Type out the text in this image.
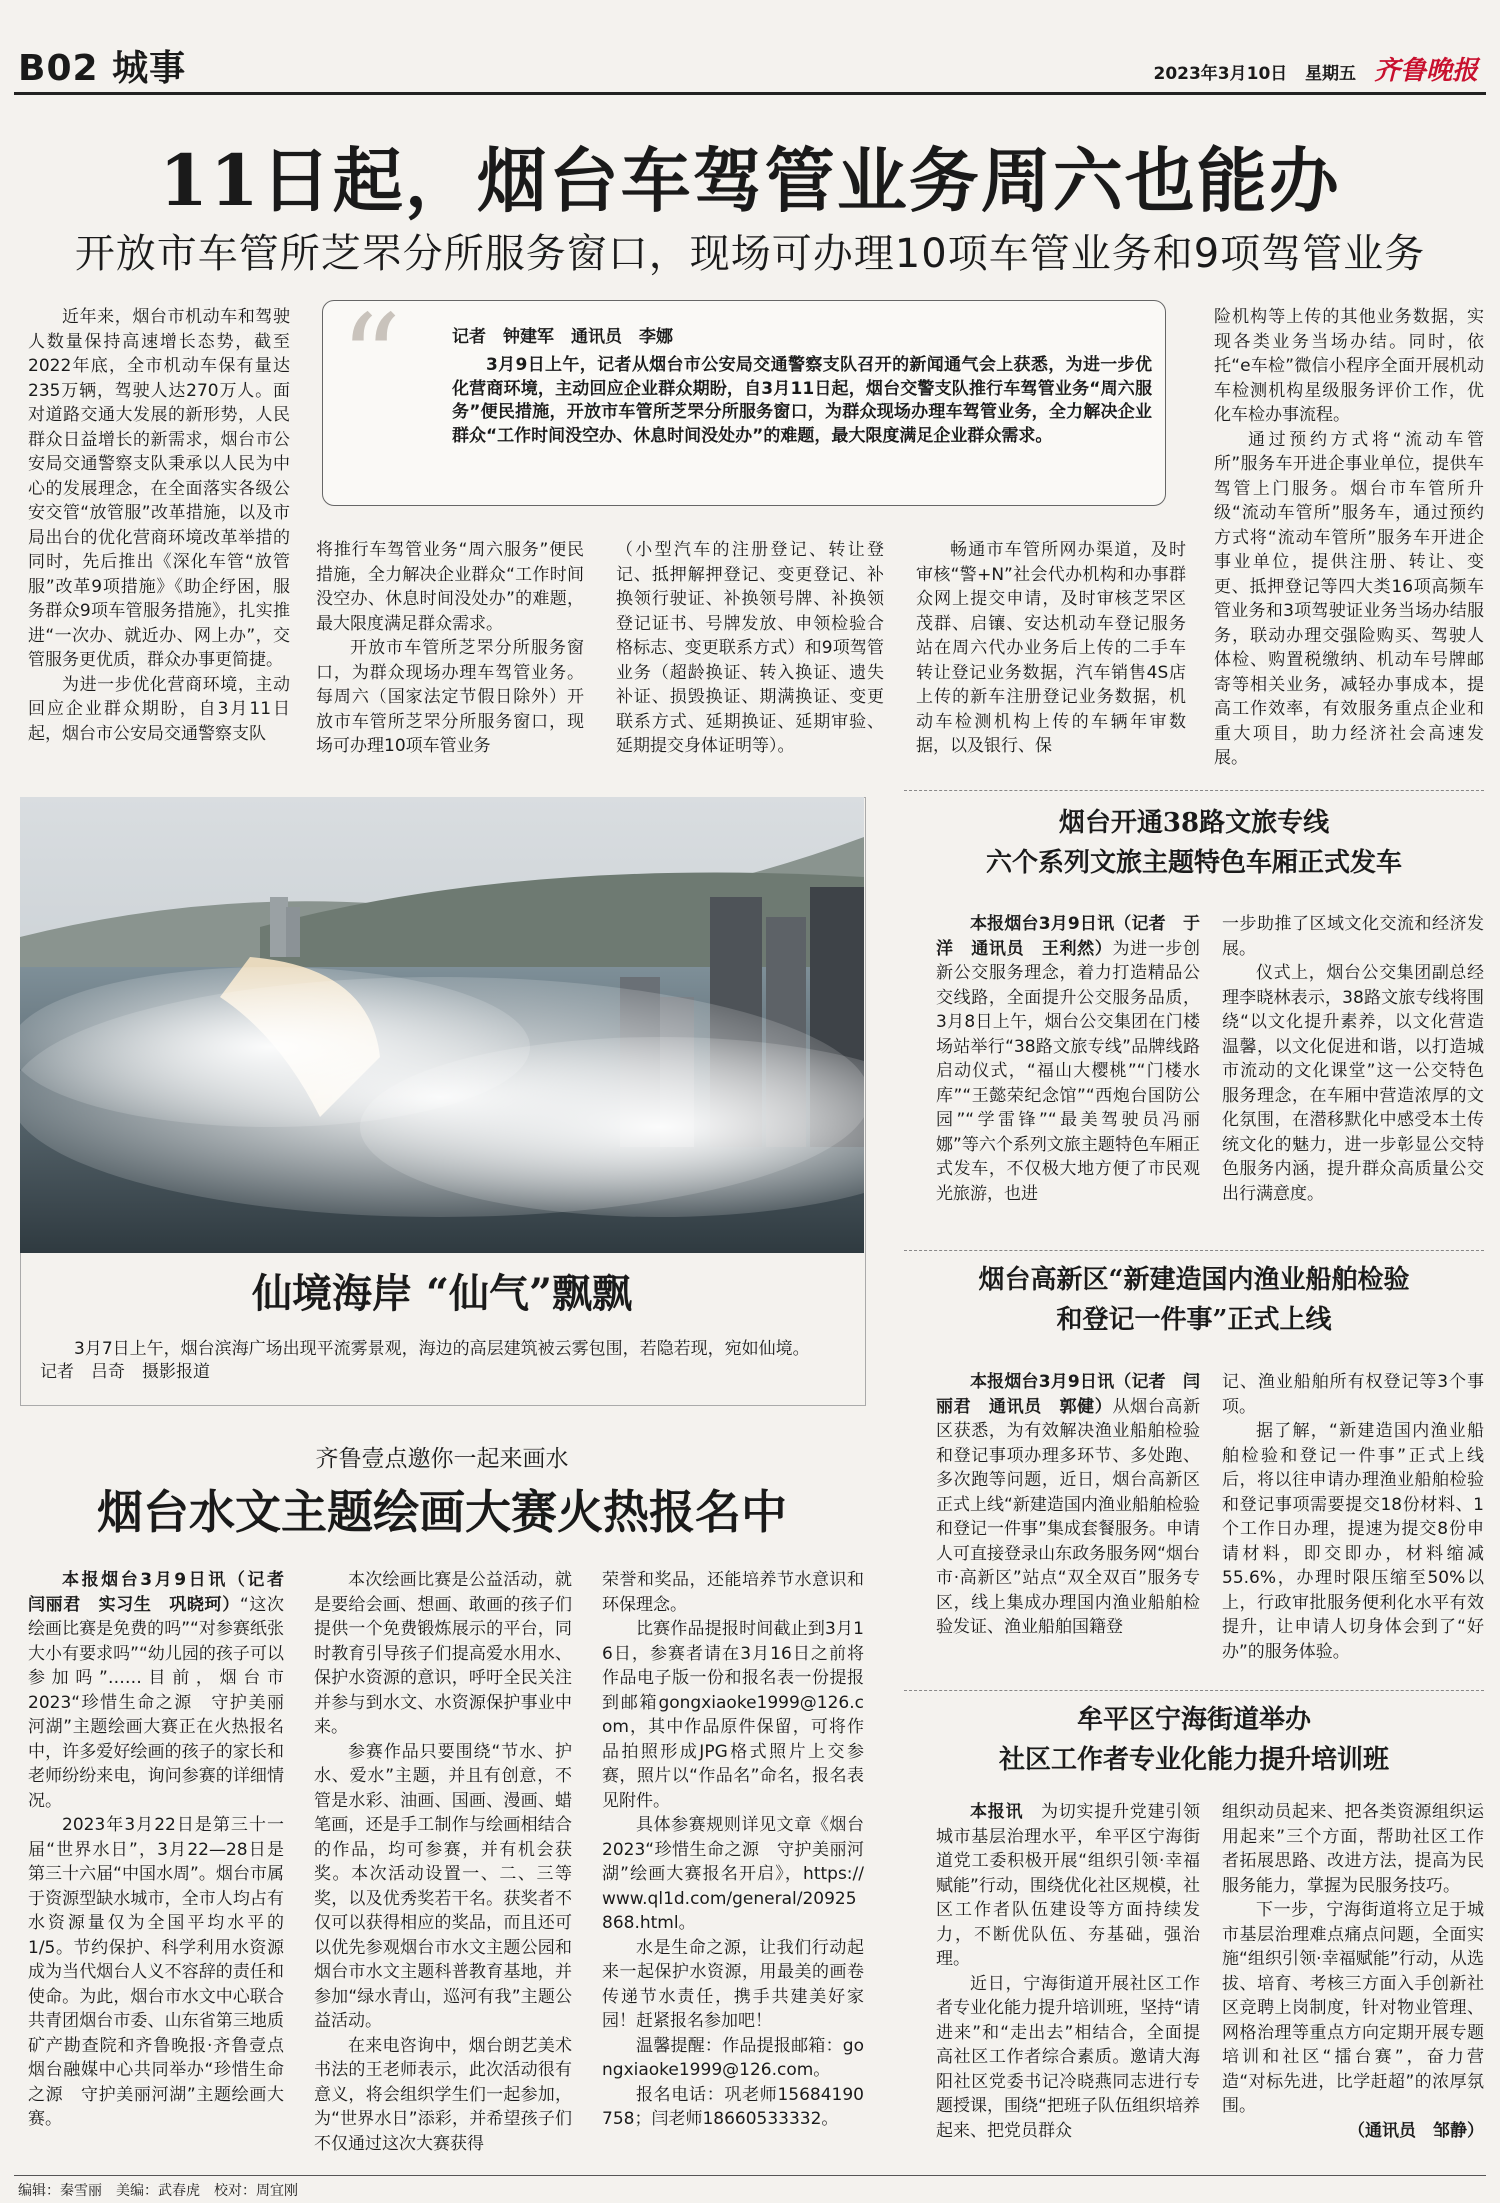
B02 城事	2023年3月10日 星期五 齐鲁晚报
11日起，烟台车驾管业务周六也能办
开放市车管所芝罘分所服务窗口，现场可办理10项车管业务和9项驾管业务

近年来，烟台市机动车和驾驶人数量保持高速增长态势，截至2022年底，全市机动车保有量达235万辆，驾驶人达270万人。面对道路交通大发展的新形势，人民群众日益增长的新需求，烟台市公安局交通警察支队秉承以人民为中心的发展理念，在全面落实各级公安交管“放管服”改革措施，以及市局出台的优化营商环境改革举措的同时，先后推出《深化车管“放管服”改革9项措施》《助企纾困，服务群众9项车管服务措施》，扎实推进“一次办、就近办、网上办”，交管服务更优质，群众办事更简捷。

为进一步优化营商环境，主动回应企业群众期盼，自3月11日起，烟台市公安局交通警察支队

“	记者　钟建军　通讯员　李娜

3月9日上午，记者从烟台市公安局交通警察支队召开的新闻通气会上获悉，为进一步优化营商环境，主动回应企业群众期盼，自3月11日起，烟台交警支队推行车驾管业务“周六服务”便民措施，开放市车管所芝罘分所服务窗口，为群众现场办理车驾管业务，全力解决企业群众“工作时间没空办、休息时间没处办”的难题，最大限度满足企业群众需求。

将推行车驾管业务“周六服务”便民措施，全力解决企业群众“工作时间没空办、休息时间没处办”的难题，最大限度满足群众需求。

开放市车管所芝罘分所服务窗口，为群众现场办理车驾管业务。每周六（国家法定节假日除外）开放市车管所芝罘分所服务窗口，现场可办理10项车管业务

（小型汽车的注册登记、转让登记、抵押解押登记、变更登记、补换领行驶证、补换领号牌、补换领登记证书、号牌发放、申领检验合格标志、变更联系方式）和9项驾管业务（超龄换证、转入换证、遗失补证、损毁换证、期满换证、变更联系方式、延期换证、延期审验、延期提交身体证明等）。

畅通市车管所网办渠道，及时审核“警+N”社会代办机构和办事群众网上提交申请，及时审核芝罘区茂群、启镶、安达机动车登记服务站在周六代办业务后上传的二手车转让登记业务数据，汽车销售4S店上传的新车注册登记业务数据，机动车检测机构上传的车辆年审数据，以及银行、保

险机构等上传的其他业务数据，实现各类业务当场办结。同时，依托“e车检”微信小程序全面开展机动车检测机构星级服务评价工作，优化车检办事流程。

通过预约方式将“流动车管所”服务车开进企事业单位，提供车驾管上门服务。烟台市车管所升级“流动车管所”服务车，通过预约方式将“流动车管所”服务车开进企事业单位，提供注册、转让、变更、抵押登记等四大类16项高频车管业务和3项驾驶证业务当场办结服务，联动办理交强险购买、驾驶人体检、购置税缴纳、机动车号牌邮寄等相关业务，减轻办事成本，提高工作效率，有效服务重点企业和重大项目，助力经济社会高速发展。

仙境海岸 “仙气”飘飘
3月7日上午，烟台滨海广场出现平流雾景观，海边的高层建筑被云雾包围，若隐若现，宛如仙境。
记者　吕奇　摄影报道
齐鲁壹点邀你一起来画水
烟台水文主题绘画大赛火热报名中

本报烟台3月9日讯（记者　闫丽君　实习生　巩晓珂）“这次绘画比赛是免费的吗”“对参赛纸张大小有要求吗”“幼儿园的孩子可以参加吗”……目前，烟台市2023“珍惜生命之源　守护美丽河湖”主题绘画大赛正在火热报名中，许多爱好绘画的孩子的家长和老师纷纷来电，询问参赛的详细情况。

2023年3月22日是第三十一届“世界水日”，3月22—28日是第三十六届“中国水周”。烟台市属于资源型缺水城市，全市人均占有水资源量仅为全国平均水平的1/5。节约保护、科学利用水资源成为当代烟台人义不容辞的责任和使命。为此，烟台市水文中心联合共青团烟台市委、山东省第三地质矿产勘查院和齐鲁晚报·齐鲁壹点烟台融媒中心共同举办“珍惜生命之源　守护美丽河湖”主题绘画大赛。

本次绘画比赛是公益活动，就是要给会画、想画、敢画的孩子们提供一个免费锻炼展示的平台，同时教育引导孩子们提高爱水用水、保护水资源的意识，呼吁全民关注并参与到水文、水资源保护事业中来。

参赛作品只要围绕“节水、护水、爱水”主题，并且有创意，不管是水彩、油画、国画、漫画、蜡笔画，还是手工制作与绘画相结合的作品，均可参赛，并有机会获奖。本次活动设置一、二、三等奖，以及优秀奖若干名。获奖者不仅可以获得相应的奖品，而且还可以优先参观烟台市水文主题公园和烟台市水文主题科普教育基地，并参加“绿水青山，巡河有我”主题公益活动。

在来电咨询中，烟台朗艺美术书法的王老师表示，此次活动很有意义，将会组织学生们一起参加，为“世界水日”添彩，并希望孩子们不仅通过这次大赛获得

荣誉和奖品，还能培养节水意识和环保理念。

比赛作品提报时间截止到3月16日，参赛者请在3月16日之前将作品电子版一份和报名表一份提报到邮箱gongxiaoke1999@126.com，其中作品原件保留，可将作品拍照形成JPG格式照片上交参赛，照片以“作品名”命名，报名表见附件。

具体参赛规则详见文章《烟台2023“珍惜生命之源　守护美丽河湖”绘画大赛报名开启》，https://www.ql1d.com/general/20925868.html。

水是生命之源，让我们行动起来一起保护水资源，用最美的画卷传递节水责任，携手共建美好家园！赶紧报名参加吧！

温馨提醒：作品提报邮箱：gongxiaoke1999@126.com。

报名电话：巩老师15684190758；闫老师18660533332。

烟台开通38路文旅专线
六个系列文旅主题特色车厢正式发车

本报烟台3月9日讯（记者　于洋　通讯员　王利然）为进一步创新公交服务理念，着力打造精品公交线路，全面提升公交服务品质，3月8日上午，烟台公交集团在门楼场站举行“38路文旅专线”品牌线路启动仪式，“福山大樱桃”“门楼水库”“王懿荣纪念馆”“西炮台国防公园”“学雷锋”“最美驾驶员冯丽娜”等六个系列文旅主题特色车厢正式发车，不仅极大地方便了市民观光旅游，也进

一步助推了区域文化交流和经济发展。

仪式上，烟台公交集团副总经理李晓林表示，38路文旅专线将围绕“以文化提升素养，以文化营造温馨，以文化促进和谐，以打造城市流动的文化课堂”这一公交特色服务理念，在车厢中营造浓厚的文化氛围，在潜移默化中感受本土传统文化的魅力，进一步彰显公交特色服务内涵，提升群众高质量公交出行满意度。

烟台高新区“新建造国内渔业船舶检验
和登记一件事”正式上线

本报烟台3月9日讯（记者　闫丽君　通讯员　郭健）从烟台高新区获悉，为有效解决渔业船舶检验和登记事项办理多环节、多处跑、多次跑等问题，近日，烟台高新区正式上线“新建造国内渔业船舶检验和登记一件事”集成套餐服务。申请人可直接登录山东政务服务网“烟台市·高新区”站点“双全双百”服务专区，线上集成办理国内渔业船舶检验发证、渔业船舶国籍登

记、渔业船舶所有权登记等3个事项。

据了解，“新建造国内渔业船舶检验和登记一件事”正式上线后，将以往申请办理渔业船舶检验和登记事项需要提交18份材料、1个工作日办理，提速为提交8份申请材料，即交即办，材料缩减55.6%，办理时限压缩至50%以上，行政审批服务便利化水平有效提升，让申请人切身体会到了“好办”的服务体验。

牟平区宁海街道举办
社区工作者专业化能力提升培训班

本报讯　 为切实提升党建引领城市基层治理水平，牟平区宁海街道党工委积极开展“组织引领·幸福赋能”行动，围绕优化社区规模，社区工作者队伍建设等方面持续发力，不断优队伍、夯基础，强治理。

近日，宁海街道开展社区工作者专业化能力提升培训班，坚持“请进来”和“走出去”相结合，全面提高社区工作者综合素质。邀请大海阳社区党委书记冷晓燕同志进行专题授课，围绕“把班子队伍组织培养起来、把党员群众

组织动员起来、把各类资源组织运用起来”三个方面，帮助社区工作者拓展思路、改进方法，提高为民服务能力，掌握为民服务技巧。

下一步，宁海街道将立足于城市基层治理难点痛点问题，全面实施“组织引领·幸福赋能”行动，从选拔、培育、考核三方面入手创新社区竞聘上岗制度，针对物业管理、网格治理等重点方向定期开展专题培训和社区“擂台赛”，奋力营造“对标先进，比学赶超”的浓厚氛围。

（通讯员　邹静）
编辑：秦雪丽　美编：武春虎　校对：周宜刚
